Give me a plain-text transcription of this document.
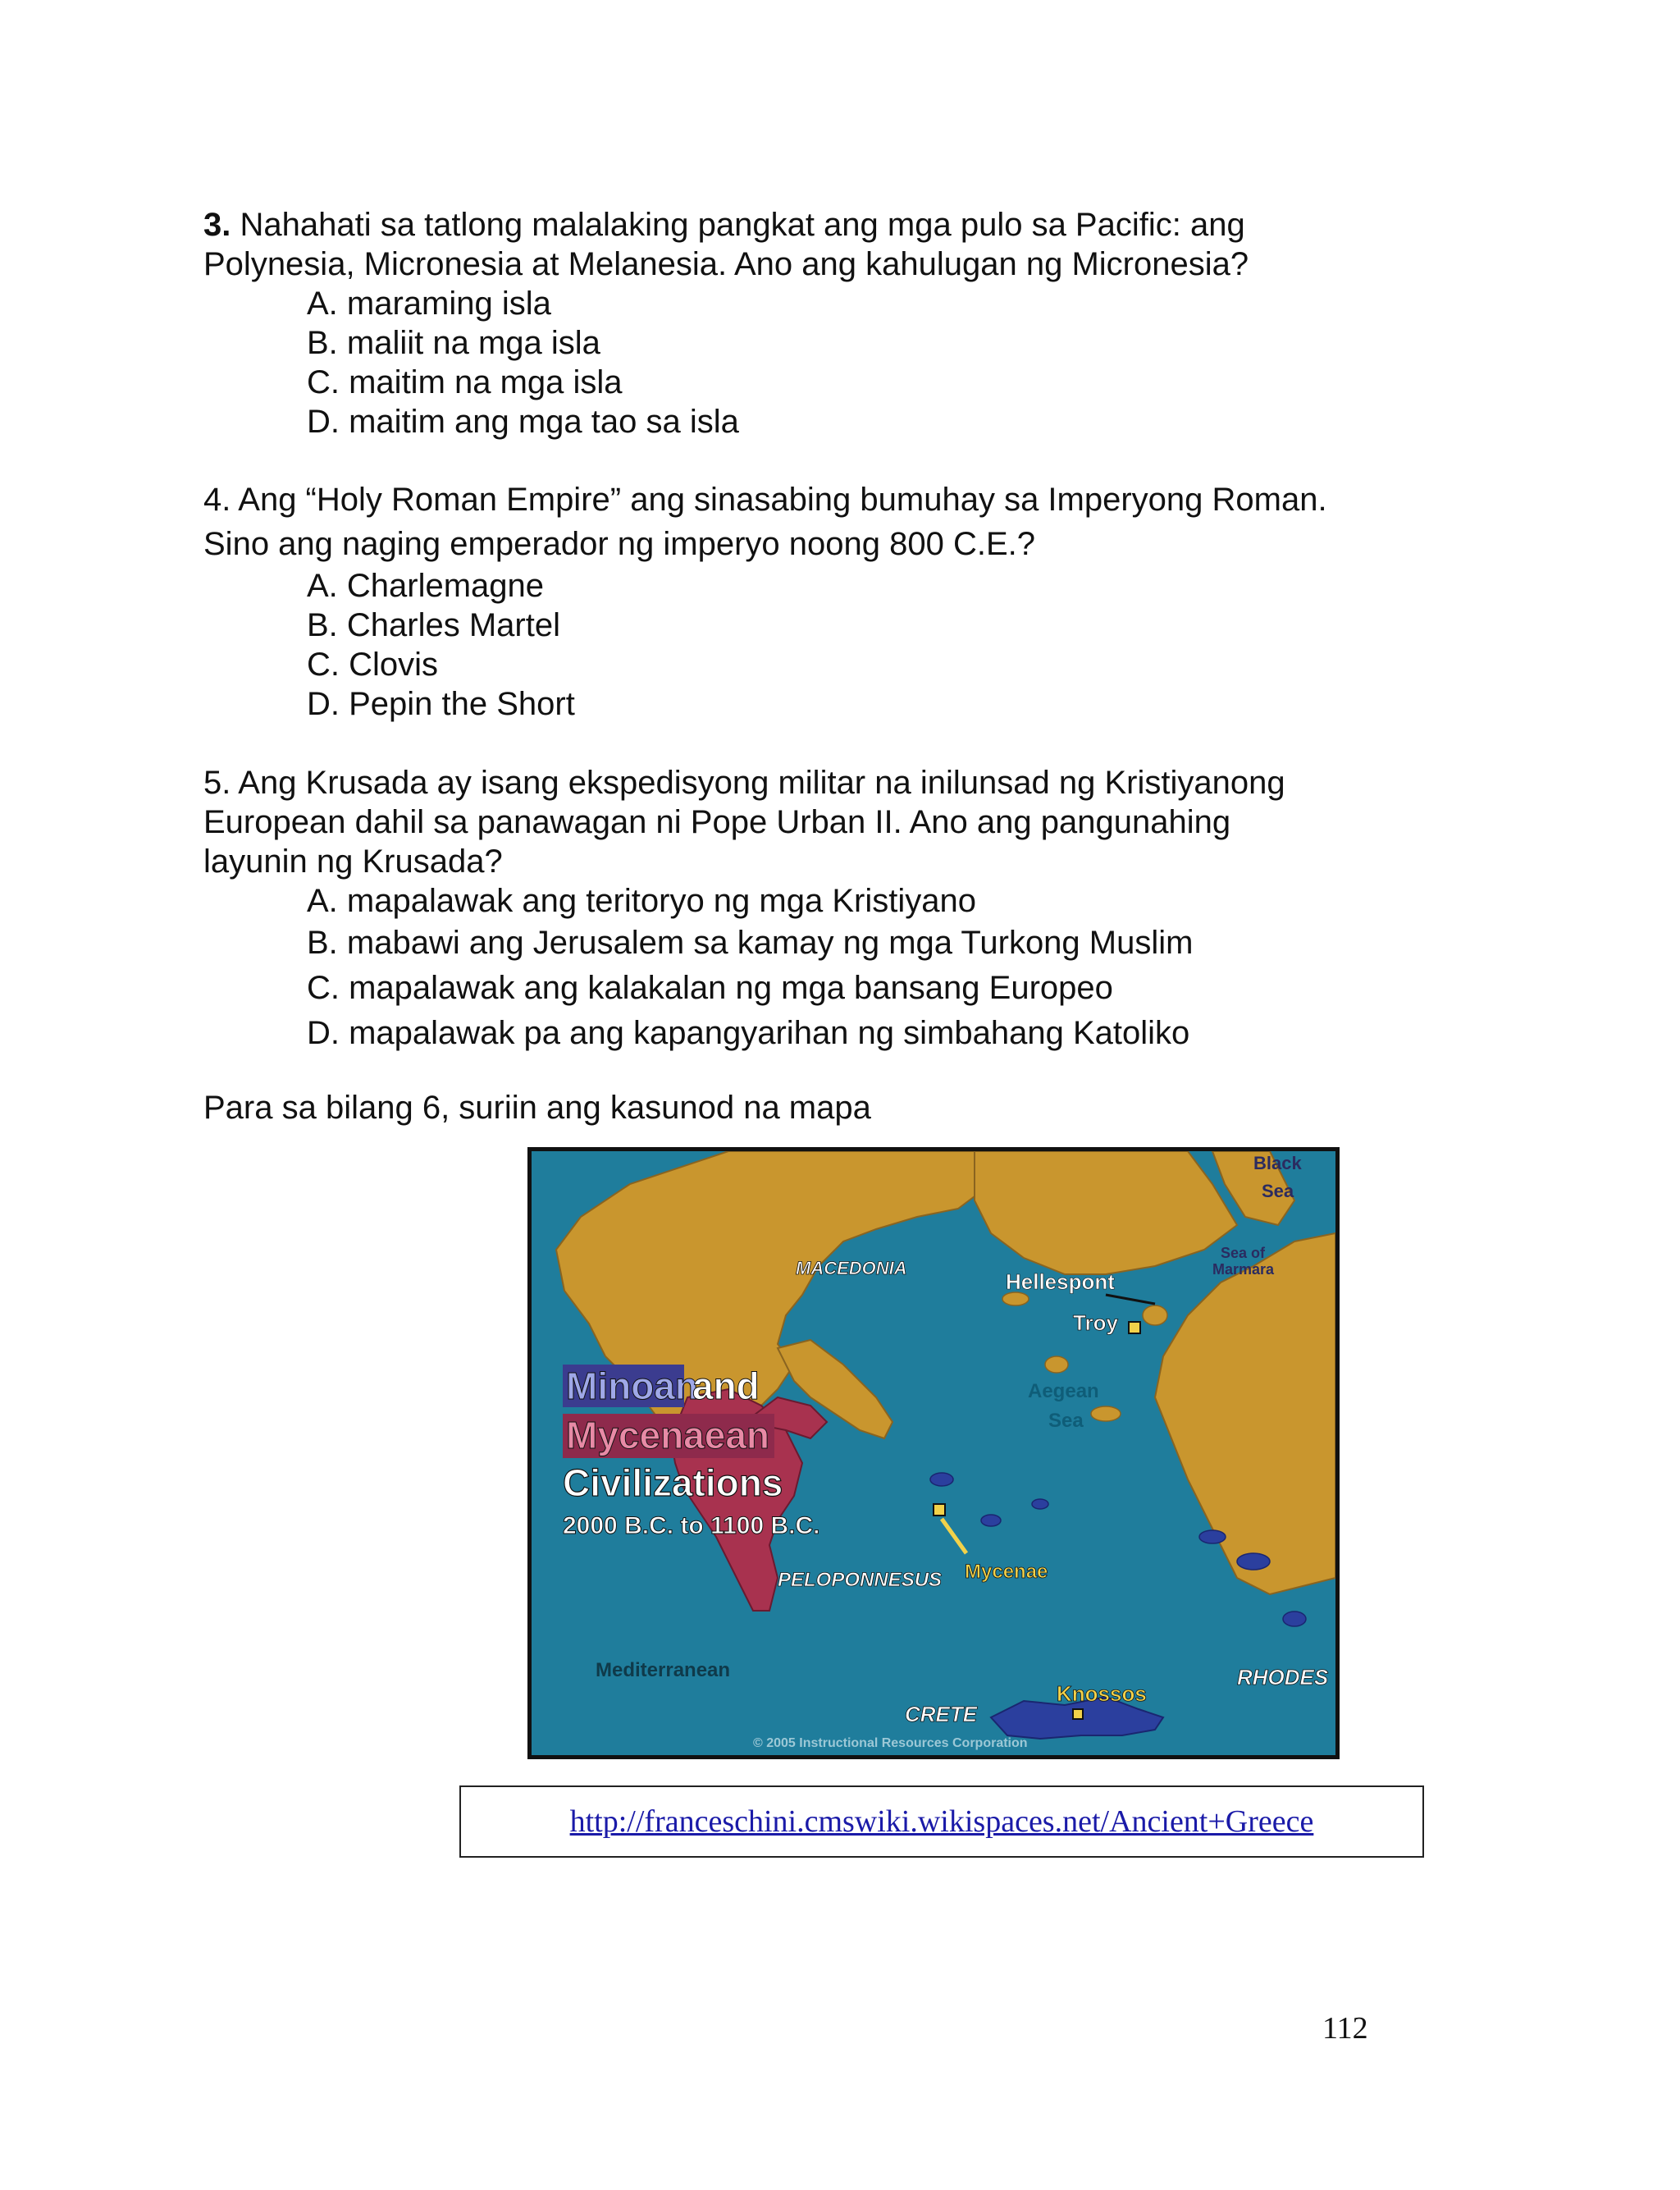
3. Nahahati sa tatlong malalaking pangkat ang mga pulo sa Pacific: ang
Polynesia, Micronesia at Melanesia. Ano ang kahulugan ng Micronesia?

A. maraming isla
B. maliit na mga isla
C. maitim na mga isla
D. maitim ang mga tao sa isla

4. Ang “Holy Roman Empire” ang sinasabing bumuhay sa Imperyong Roman.
Sino ang naging emperador ng imperyo noong 800 C.E.?

A. Charlemagne
B. Charles Martel
C. Clovis
D. Pepin the Short

5. Ang Krusada ay isang ekspedisyong militar na inilunsad ng Kristiyanong
European dahil sa panawagan ni Pope Urban II. Ano ang pangunahing
layunin ng Krusada?

A. mapalawak ang teritoryo ng mga Kristiyano
B. mabawi ang Jerusalem sa kamay ng mga Turkong Muslim
C. mapalawak ang kalakalan ng mga bansang Europeo
D. mapalawak pa ang kapangyarihan ng simbahang Katoliko
Para sa bilang 6, suriin ang kasunod na mapa
Minoan
and
Mycenaean
Civilizations
2000 B.C. to 1100 B.C.
Black
Sea
Sea of
Marmara
MACEDONIA
Hellespont
Troy
Aegean
Sea
PELOPONNESUS Mycenae
Mediterranean
CRETE
Knossos
RHODES
© 2005 Instructional Resources Corporation
http://franceschini.cmswiki.wikispaces.net/Ancient+Greece
112
